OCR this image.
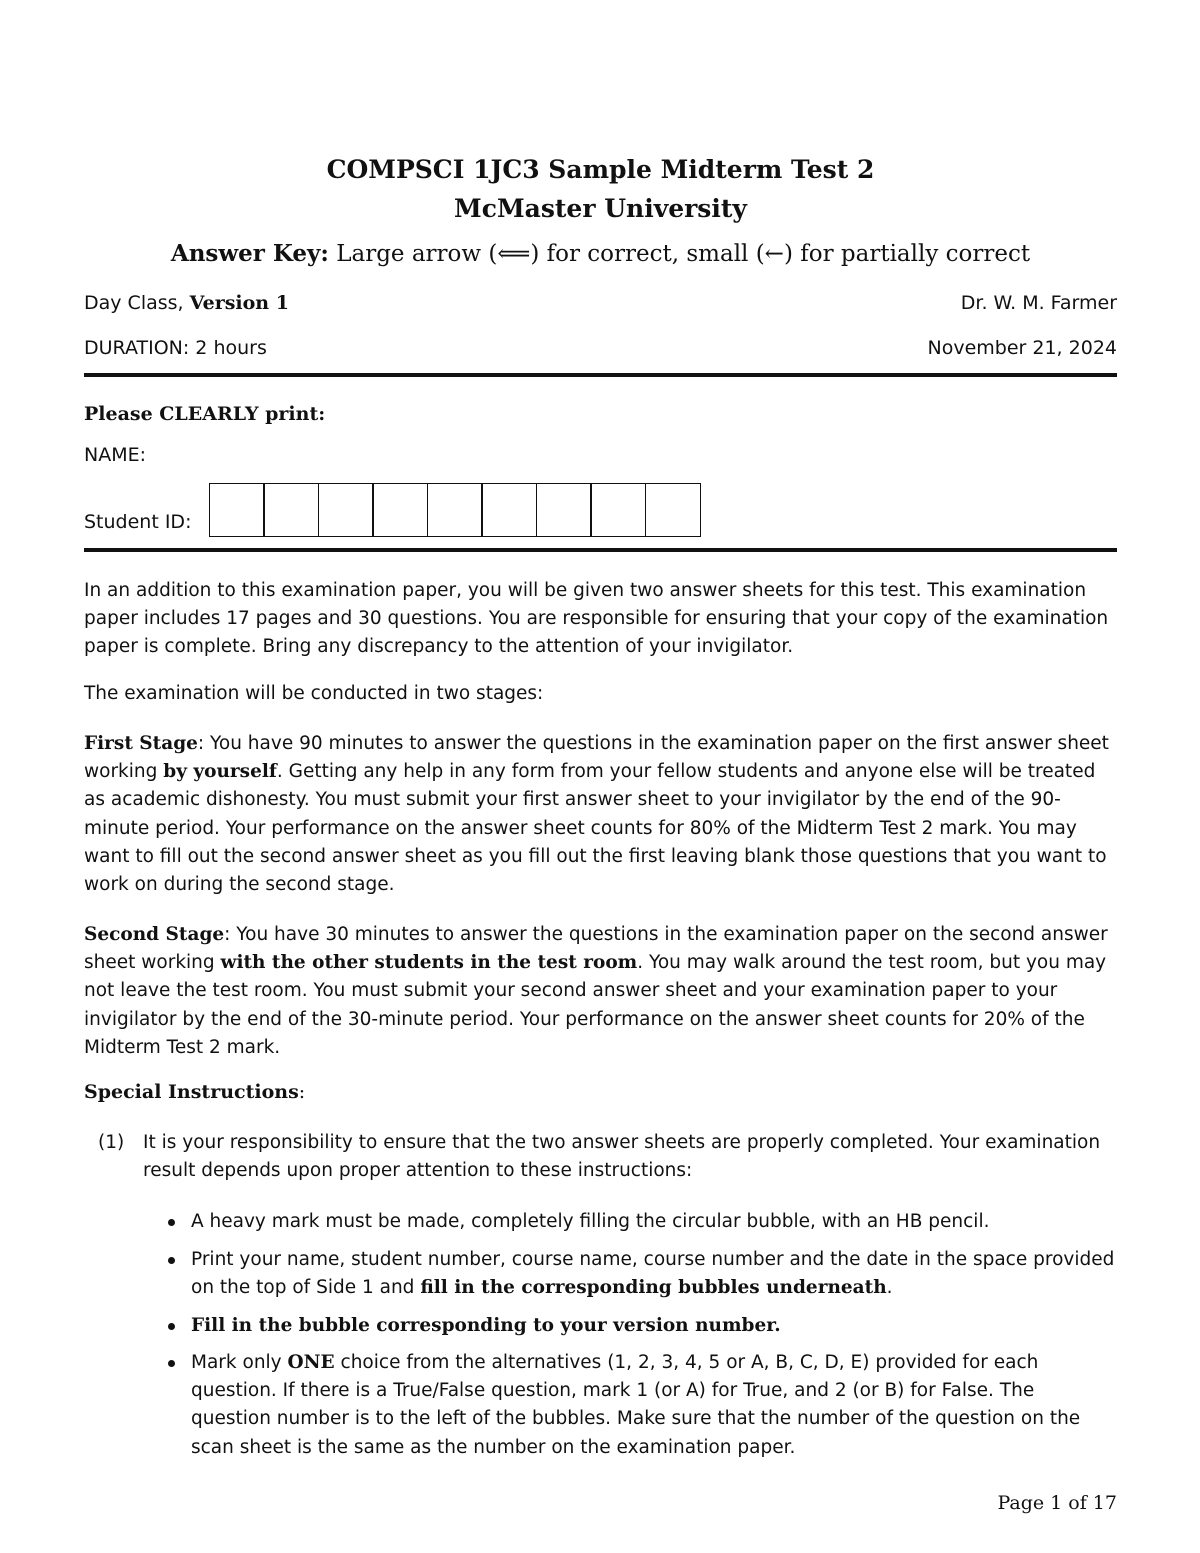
COMPSCI 1JC3 Sample Midterm Test 2
McMaster University
Answer Key: Large arrow (⟸) for correct, small (←) for partially correct
Day Class, Version 1	Dr. W. M. Farmer
DURATION: 2 hours	November 21, 2024
Please CLEARLY print:
NAME:
Student ID:
In an addition to this examination paper, you will be given two answer sheets for this test. This examination paper includes 17 pages and 30 questions. You are responsible for ensuring that your copy of the examination paper is complete. Bring any discrepancy to the attention of your invigilator.
The examination will be conducted in two stages:
First Stage: You have 90 minutes to answer the questions in the examination paper on the first answer sheet working by yourself. Getting any help in any form from your fellow students and anyone else will be treated as academic dishonesty. You must submit your first answer sheet to your invigilator by the end of the 90-minute period. Your performance on the answer sheet counts for 80% of the Midterm Test 2 mark. You may want to fill out the second answer sheet as you fill out the first leaving blank those questions that you want to work on during the second stage.
Second Stage: You have 30 minutes to answer the questions in the examination paper on the second answer sheet working with the other students in the test room. You may walk around the test room, but you may not leave the test room. You must submit your second answer sheet and your examination paper to your invigilator by the end of the 30-minute period. Your performance on the answer sheet counts for 20% of the Midterm Test 2 mark.
Special Instructions:
(1) It is your responsibility to ensure that the two answer sheets are properly completed. Your examination result depends upon proper attention to these instructions:
A heavy mark must be made, completely filling the circular bubble, with an HB pencil.
Print your name, student number, course name, course number and the date in the space provided on the top of Side 1 and fill in the corresponding bubbles underneath.
Fill in the bubble corresponding to your version number.
Mark only ONE choice from the alternatives (1, 2, 3, 4, 5 or A, B, C, D, E) provided for each question. If there is a True/False question, mark 1 (or A) for True, and 2 (or B) for False. The question number is to the left of the bubbles. Make sure that the number of the question on the scan sheet is the same as the number on the examination paper.
Page 1 of 17
